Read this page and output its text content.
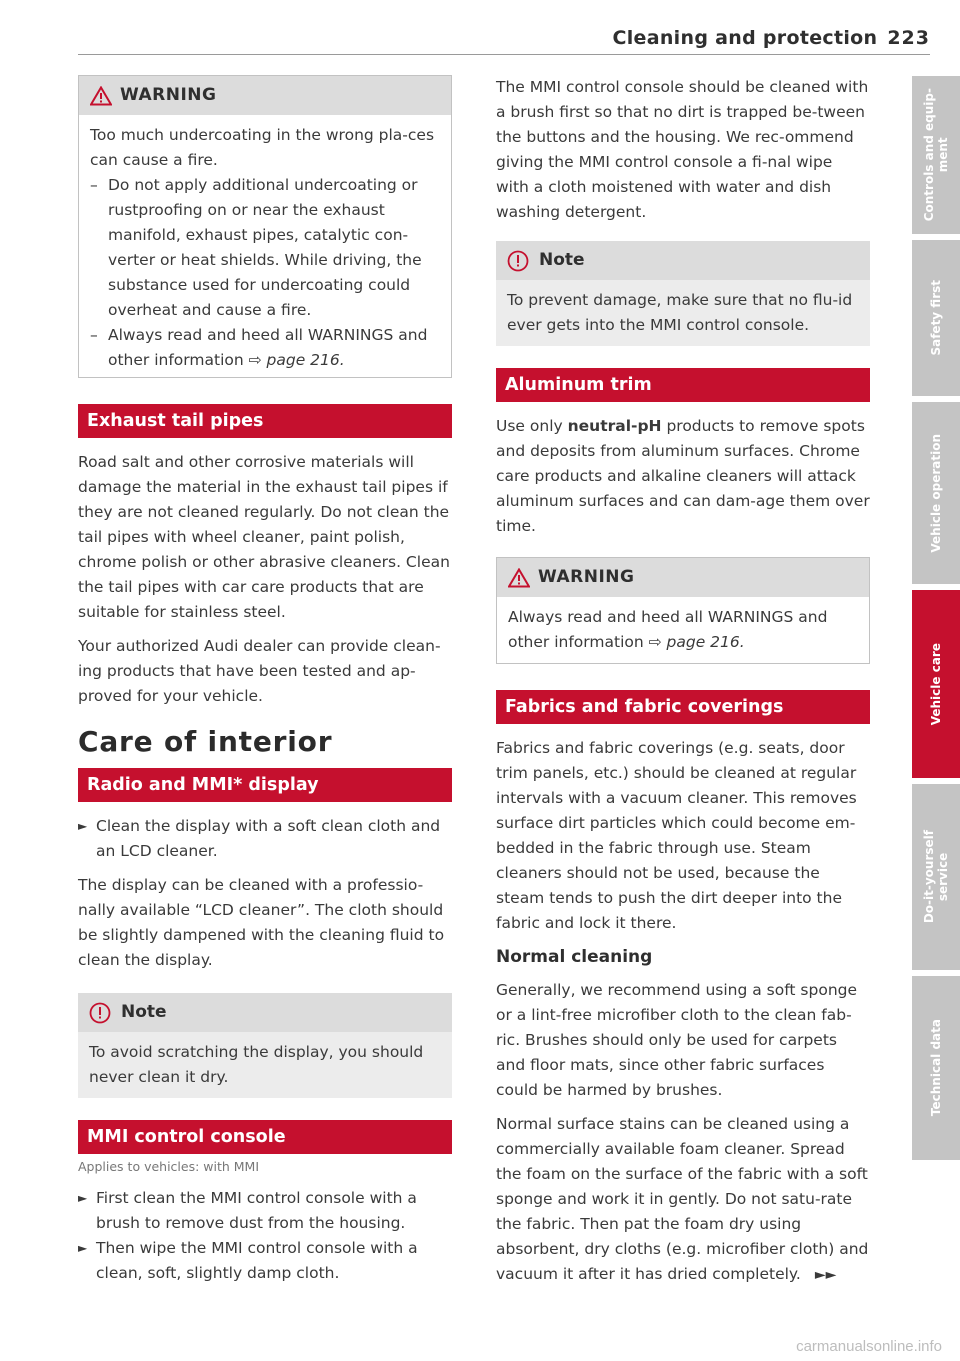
Cleaning and protection 223
WARNING

Too much undercoating in the wrong pla-ces can cause a fire.

– Do not apply additional undercoating or rustproofing on or near the exhaust manifold, exhaust pipes, catalytic con-verter or heat shields. While driving, the substance used for undercoating could overheat and cause a fire.

– Always read and heed all WARNINGS and other information ⇨ page 216.

Exhaust tail pipes

Road salt and other corrosive materials will damage the material in the exhaust tail pipes if they are not cleaned regularly. Do not clean the tail pipes with wheel cleaner, paint polish, chrome polish or other abrasive cleaners. Clean the tail pipes with car care products that are suitable for stainless steel.

Your authorized Audi dealer can provide clean-ing products that have been tested and ap-proved for your vehicle.

Care of interior
Radio and MMI* display

► Clean the display with a soft clean cloth and an LCD cleaner.

The display can be cleaned with a professio-nally available “LCD cleaner”. The cloth should be slightly dampened with the cleaning fluid to clean the display.

Note
To avoid scratching the display, you should never clean it dry.
MMI control console

Applies to vehicles: with MMI

► First clean the MMI control console with a brush to remove dust from the housing.

► Then wipe the MMI control console with a clean, soft, slightly damp cloth.

The MMI control console should be cleaned with a brush first so that no dirt is trapped be-tween the buttons and the housing. We rec-ommend giving the MMI control console a fi-nal wipe with a cloth moistened with water and dish washing detergent.

Note
To prevent damage, make sure that no flu-id ever gets into the MMI control console.
Aluminum trim

Use only neutral-pH products to remove spots and deposits from aluminum surfaces. Chrome care products and alkaline cleaners will attack aluminum surfaces and can dam-age them over time.

WARNING

Always read and heed all WARNINGS and other information ⇨ page 216.

Fabrics and fabric coverings

Fabrics and fabric coverings (e.g. seats, door trim panels, etc.) should be cleaned at regular intervals with a vacuum cleaner. This removes surface dirt particles which could become em-bedded in the fabric through use. Steam cleaners should not be used, because the steam tends to push the dirt deeper into the fabric and lock it there.

Normal cleaning

Generally, we recommend using a soft sponge or a lint-free microfiber cloth to the clean fab-ric. Brushes should only be used for carpets and floor mats, since other fabric surfaces could be harmed by brushes.

Normal surface stains can be cleaned using a commercially available foam cleaner. Spread the foam on the surface of the fabric with a soft sponge and work it in gently. Do not satu-rate the fabric. Then pat the foam dry using absorbent, dry cloths (e.g. microfiber cloth) and vacuum it after it has dried completely. ►►

Controls and equip-
ment
Safety first
Vehicle operation
Vehicle care
Do-it-yourself
service
Technical data
carmanualsonline.info
